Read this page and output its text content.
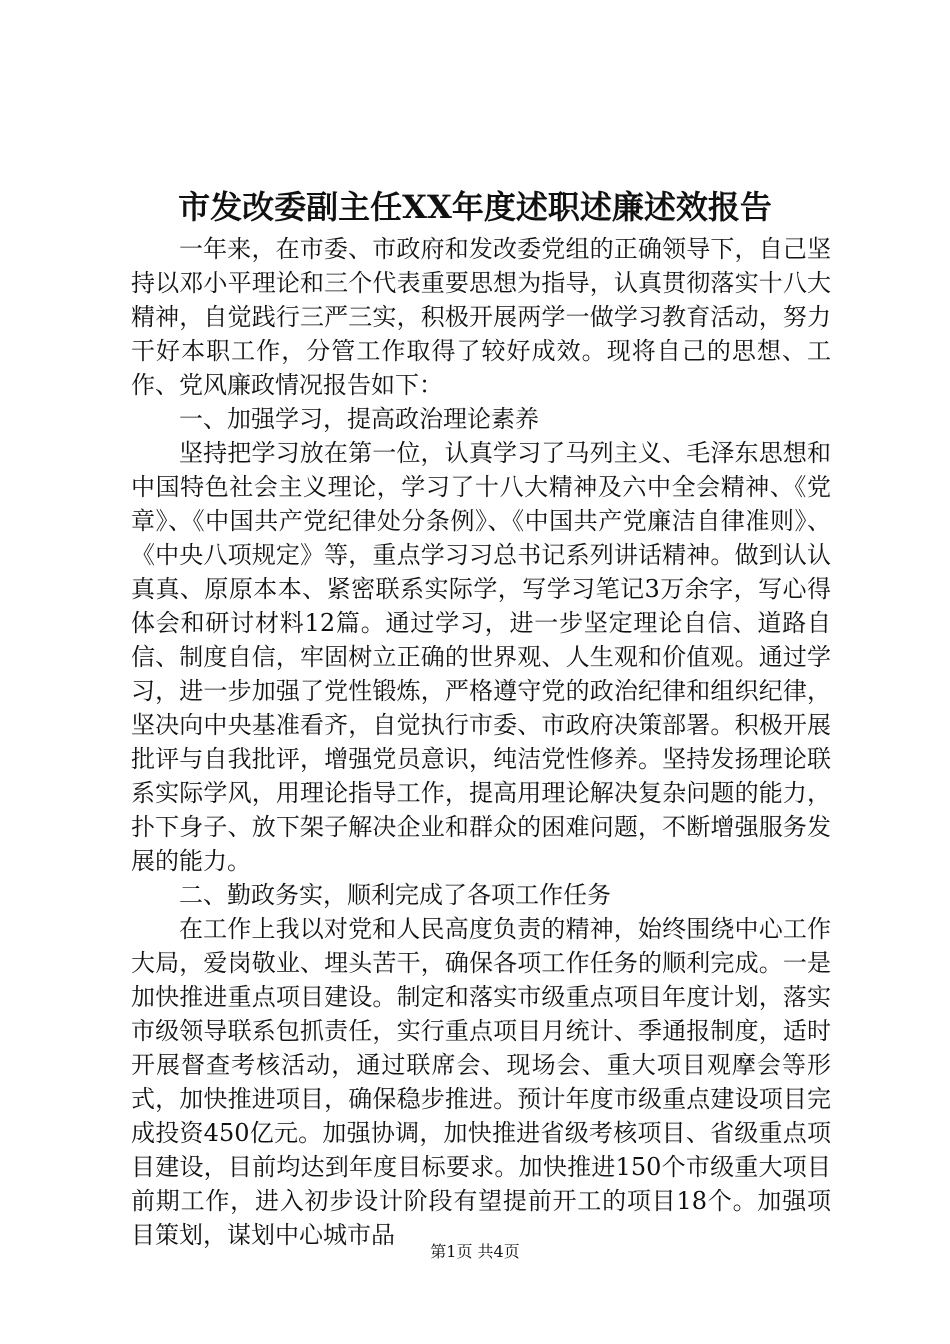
市发改委副主任XX年度述职述廉述效报告

一年来，在市委、市政府和发改委党组的正确领导下，自己坚持以邓小平理论和三个代表重要思想为指导，认真贯彻落实十八大精神，自觉践行三严三实，积极开展两学一做学习教育活动，努力干好本职工作，分管工作取得了较好成效。现将自己的思想、工作、党风廉政情况报告如下：

一、加强学习，提高政治理论素养

坚持把学习放在第一位，认真学习了马列主义、毛泽东思想和中国特色社会主义理论，学习了十八大精神及六中全会精神、《党章》、《中国共产党纪律处分条例》、《中国共产党廉洁自律准则》、《中央八项规定》等，重点学习习总书记系列讲话精神。做到认认真真、原原本本、紧密联系实际学，写学习笔记3万余字，写心得体会和研讨材料12篇。通过学习，进一步坚定理论自信、道路自信、制度自信，牢固树立正确的世界观、人生观和价值观。通过学习，进一步加强了党性锻炼，严格遵守党的政治纪律和组织纪律，坚决向中央基准看齐，自觉执行市委、市政府决策部署。积极开展批评与自我批评，增强党员意识，纯洁党性修养。坚持发扬理论联系实际学风，用理论指导工作，提高用理论解决复杂问题的能力，扑下身子、放下架子解决企业和群众的困难问题，不断增强服务发展的能力。

二、勤政务实，顺利完成了各项工作任务

在工作上我以对党和人民高度负责的精神，始终围绕中心工作大局，爱岗敬业、埋头苦干，确保各项工作任务的顺利完成。一是加快推进重点项目建设。制定和落实市级重点项目年度计划，落实市级领导联系包抓责任，实行重点项目月统计、季通报制度，适时开展督查考核活动，通过联席会、现场会、重大项目观摩会等形式，加快推进项目，确保稳步推进。预计年度市级重点建设项目完成投资450亿元。加强协调，加快推进省级考核项目、省级重点项目建设，目前均达到年度目标要求。加快推进150个市级重大项目前期工作，进入初步设计阶段有望提前开工的项目18个。加强项目策划，谋划中心城市品

第1页 共4页
